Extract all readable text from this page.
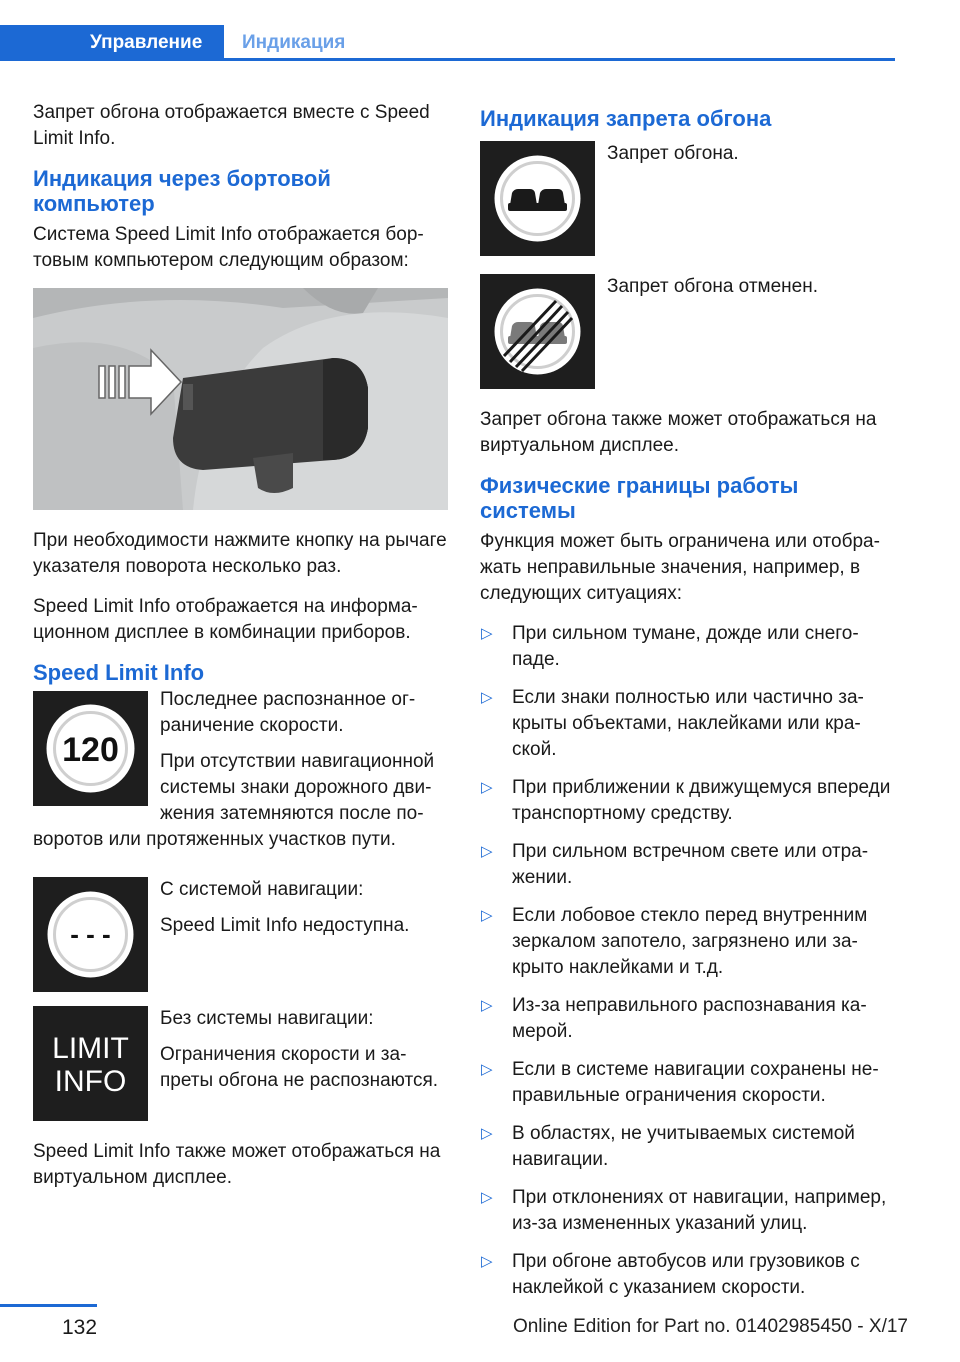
Управление	Индикация

Запрет обгона отображается вместе с Speed Limit Info.

Индикация через бортовой компьютер

Система Speed Limit Info отображается бортовым компьютером следующим образом:

При необходимости нажмите кнопку на рычаге указателя поворота несколько раз.

Speed Limit Info отображается на информационном дисплее в комбинации приборов.

Speed Limit Info
120

Последнее распознанное ограничение скорости.

При отсутствии навигационной системы знаки дорожного движения затемняются после поворотов или протяженных участков пути.

- - -

С системой навигации:

Speed Limit Info недоступна.

LIMIT
INFO

Без системы навигации:

Ограничения скорости и запреты обгона не распознаются.

Speed Limit Info также может отображаться на виртуальном дисплее.

Индикация запрета обгона

Запрет обгона.

Запрет обгона отменен.

Запрет обгона также может отображаться на виртуальном дисплее.

Физические границы работы системы

Функция может быть ограничена или отображать неправильные значения, например, в следующих ситуациях:

▷ При сильном тумане, дожде или снегопаде.
▷ Если знаки полностью или частично закрыты объектами, наклейками или краской.
▷ При приближении к движущемуся впереди транспортному средству.
▷ При сильном встречном свете или отражении.
▷ Если лобовое стекло перед внутренним зеркалом запотело, загрязнено или закрыто наклейками и т.д.
▷ Из-за неправильного распознавания камерой.
▷ Если в системе навигации сохранены неправильные ограничения скорости.
▷ В областях, не учитываемых системой навигации.
▷ При отклонениях от навигации, например, из-за измененных указаний улиц.
▷ При обгоне автобусов или грузовиков с наклейкой с указанием скорости.
132	Online Edition for Part no. 01402985450 - X/17
